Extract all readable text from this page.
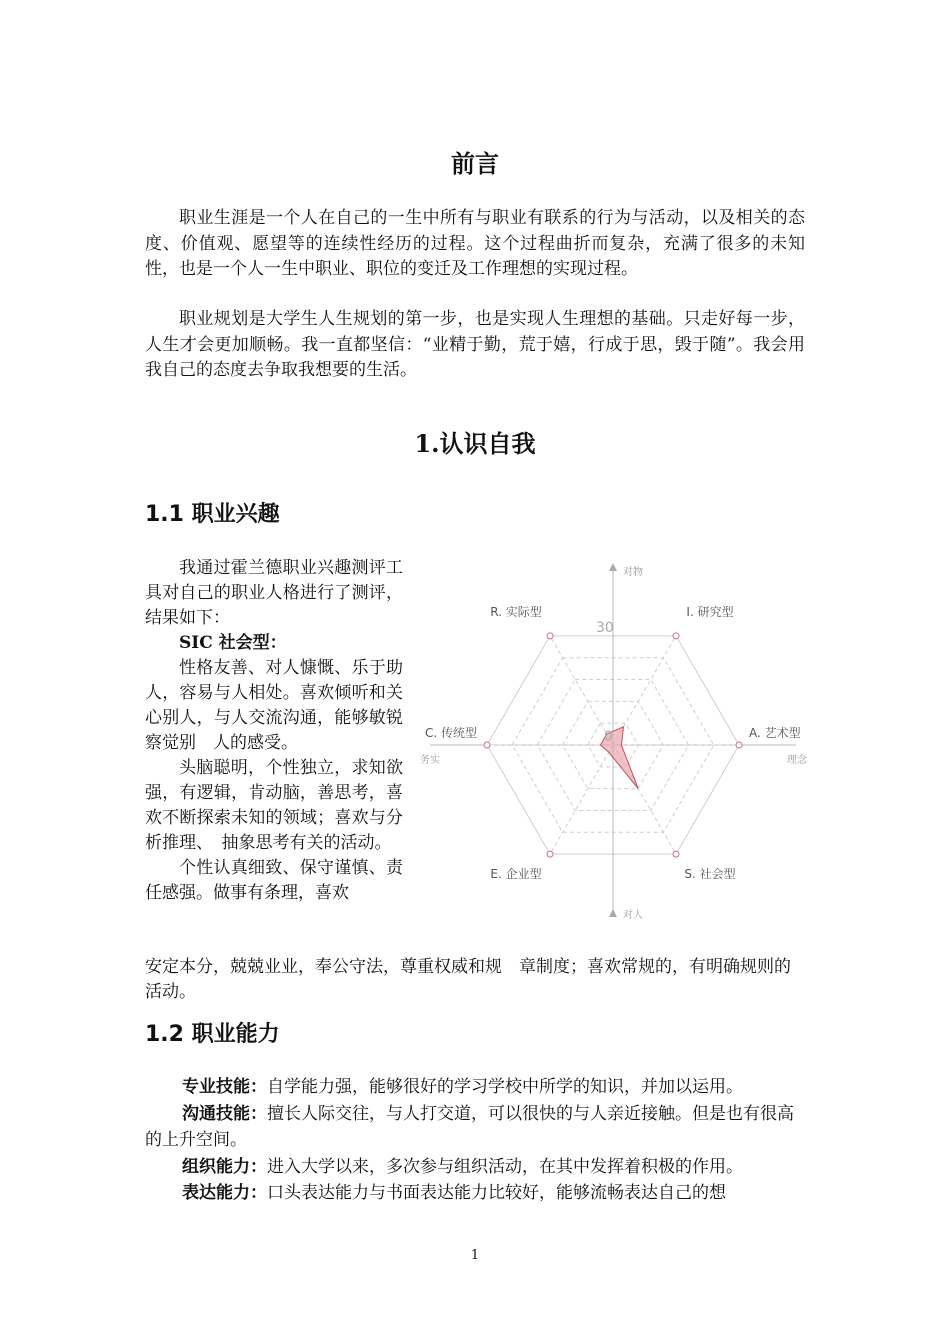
前言

职业生涯是一个人在自己的一生中所有与职业有联系的行为与活动，以及相关的态度、价值观、愿望等的连续性经历的过程。这个过程曲折而复杂，充满了很多的未知性，也是一个人一生中职业、职位的变迁及工作理想的实现过程。

职业规划是大学生人生规划的第一步，也是实现人生理想的基础。只走好每一步，人生才会更加顺畅。我一直都坚信：“业精于勤，荒于嬉，行成于思，毁于随”。我会用我自己的态度去争取我想要的生活。

1.认识自我
1.1 职业兴趣

我通过霍兰德职业兴趣测评工具对自己的职业人格进行了测评，结果如下：

SIC 社会型：

性格友善、对人慷慨、乐于助人，容易与人相处。喜欢倾听和关心别人，与人交流沟通，能够敏锐察觉别　人的感受。

头脑聪明，个性独立，求知欲强，有逻辑，肯动脑，善思考，喜欢不断探索未知的领域；喜欢与分析推理、　抽象思考有关的活动。

个性认真细致、保守谨慎、责任感强。做事有条理，喜欢

安定本分，兢兢业业，奉公守法，尊重权威和规　章制度；喜欢常规的，有明确规则的活动。

R. 实际型	I. 研究型
A. 艺术型
S. 社会型
E. 企业型
C. 传统型
对物
对人
务实	理念
30
0
1.2 职业能力

专业技能：自学能力强，能够很好的学习学校中所学的知识，并加以运用。

沟通技能：擅长人际交往，与人打交道，可以很快的与人亲近接触。但是也有很高的上升空间。

组织能力：进入大学以来，多次参与组织活动，在其中发挥着积极的作用。

表达能力：口头表达能力与书面表达能力比较好，能够流畅表达自己的想

1
